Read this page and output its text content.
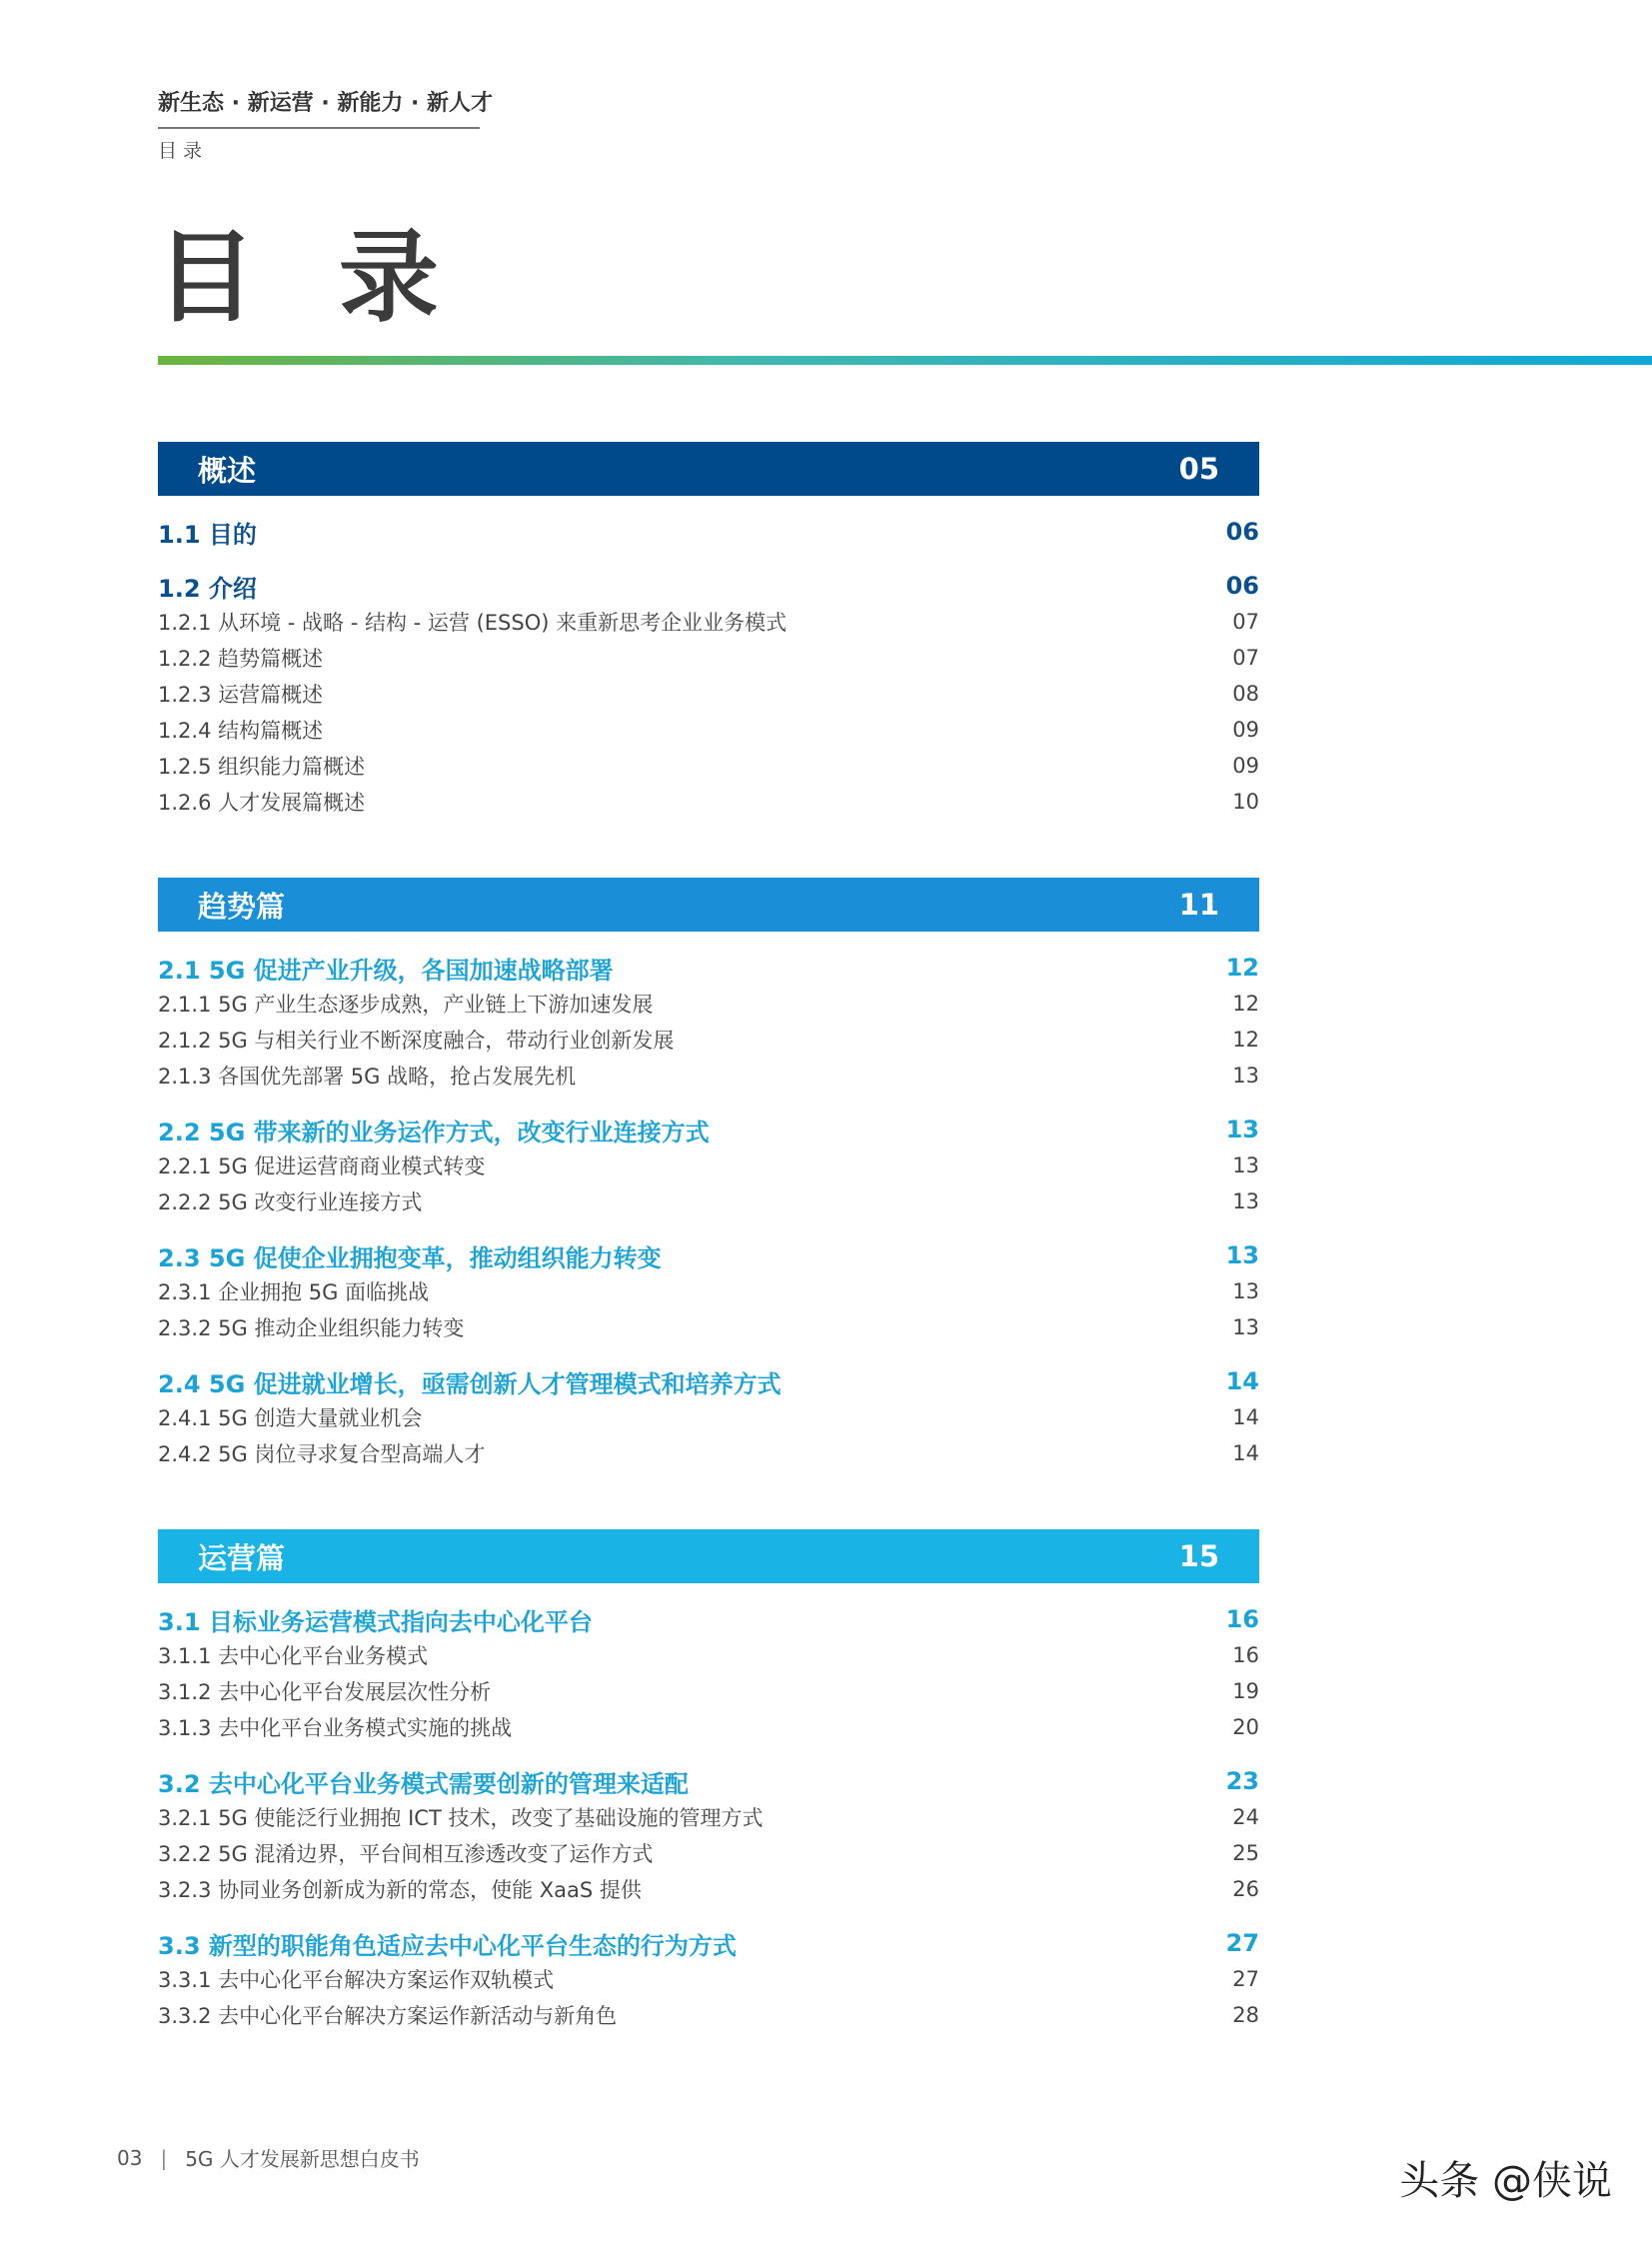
新生态 · 新运营 · 新能力 · 新人才
目 录
目 录
概述	05
1.1 目的	06
1.2 介绍	06
1.2.1 从环境 - 战略 - 结构 - 运营 (ESSO) 来重新思考企业业务模式	07
1.2.2 趋势篇概述	07
1.2.3 运营篇概述	08
1.2.4 结构篇概述	09
1.2.5 组织能力篇概述	09
1.2.6 人才发展篇概述	10
趋势篇	11
2.1 5G 促进产业升级，各国加速战略部署	12
2.1.1 5G 产业生态逐步成熟，产业链上下游加速发展	12
2.1.2 5G 与相关行业不断深度融合，带动行业创新发展	12
2.1.3 各国优先部署 5G 战略，抢占发展先机	13
2.2 5G 带来新的业务运作方式，改变行业连接方式	13
2.2.1 5G 促进运营商商业模式转变	13
2.2.2 5G 改变行业连接方式	13
2.3 5G 促使企业拥抱变革，推动组织能力转变	13
2.3.1 企业拥抱 5G 面临挑战	13
2.3.2 5G 推动企业组织能力转变	13
2.4 5G 促进就业增长，亟需创新人才管理模式和培养方式	14
2.4.1 5G 创造大量就业机会	14
2.4.2 5G 岗位寻求复合型高端人才	14
运营篇	15
3.1 目标业务运营模式指向去中心化平台	16
3.1.1 去中心化平台业务模式	16
3.1.2 去中心化平台发展层次性分析	19
3.1.3 去中化平台业务模式实施的挑战	20
3.2 去中心化平台业务模式需要创新的管理来适配	23
3.2.1 5G 使能泛行业拥抱 ICT 技术，改变了基础设施的管理方式	24
3.2.2 5G 混淆边界，平台间相互渗透改变了运作方式	25
3.2.3 协同业务创新成为新的常态，使能 XaaS 提供	26
3.3 新型的职能角色适应去中心化平台生态的行为方式	27
3.3.1 去中心化平台解决方案运作双轨模式	27
3.3.2 去中心化平台解决方案运作新活动与新角色	28
03 | 5G 人才发展新思想白皮书	头条 @侠说
